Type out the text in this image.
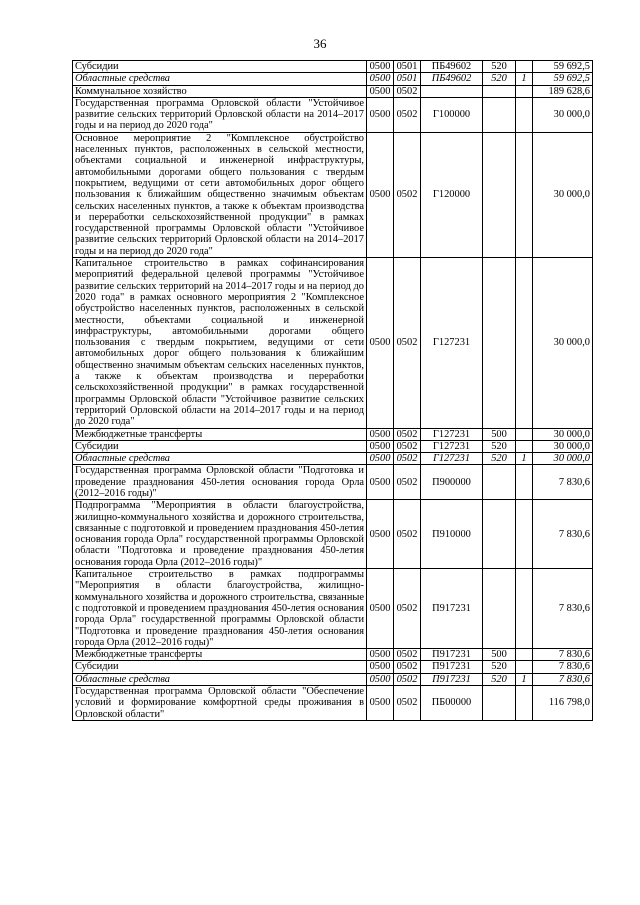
36
Субсидии	0500	0501	ПБ49602	520		59 692,5
Областные средства	0500	0501	ПБ49602	520	1	59 692,5
Коммунальное хозяйство	0500	0502				189 628,6
Государственная программа Орловской области "Устойчивое развитие сельских территорий Орловской области на 2014–2017 годы и на период до 2020 года"	0500	0502	Г100000			30 000,0
Основное мероприятие 2 "Комплексное обустройство населенных пунктов, расположенных в сельской местности, объектами социальной и инженерной инфраструктуры, автомобильными дорогами общего пользования с твердым покрытием, ведущими от сети автомобильных дорог общего пользования к ближайшим общественно значимым объектам сельских населенных пунктов, а также к объектам производства и переработки сельскохозяйственной продукции" в рамках государственной программы Орловской области "Устойчивое развитие сельских территорий Орловской области на 2014–2017 годы и на период до 2020 года"	0500	0502	Г120000			30 000,0
Капитальное строительство в рамках софинансирования мероприятий федеральной целевой программы "Устойчивое развитие сельских территорий на 2014–2017 годы и на период до 2020 года" в рамках основного мероприятия 2 "Комплексное обустройство населенных пунктов, расположенных в сельской местности, объектами социальной и инженерной инфраструктуры, автомобильными дорогами общего пользования с твердым покрытием, ведущими от сети автомобильных дорог общего пользования к ближайшим общественно значимым объектам сельских населенных пунктов, а также к объектам производства и переработки сельскохозяйственной продукции" в рамках государственной программы Орловской области "Устойчивое развитие сельских территорий Орловской области на 2014–2017 годы и на период до 2020 года"	0500	0502	Г127231			30 000,0
Межбюджетные трансферты	0500	0502	Г127231	500		30 000,0
Субсидии	0500	0502	Г127231	520		30 000,0
Областные средства	0500	0502	Г127231	520	1	30 000,0
Государственная программа Орловской области "Подготовка и проведение празднования 450-летия основания города Орла (2012–2016 годы)"	0500	0502	П900000			7 830,6
Подпрограмма "Мероприятия в области благоустройства, жилищно-коммунального хозяйства и дорожного строительства, связанные с подготовкой и проведением празднования 450-летия основания города Орла" государственной программы Орловской области "Подготовка и проведение празднования 450-летия основания города Орла (2012–2016 годы)"	0500	0502	П910000			7 830,6
Капитальное строительство в рамках подпрограммы "Мероприятия в области благоустройства, жилищно-коммунального хозяйства и дорожного строительства, связанные с подготовкой и проведением празднования 450-летия основания города Орла" государственной программы Орловской области "Подготовка и проведение празднования 450-летия основания города Орла (2012–2016 годы)"	0500	0502	П917231			7 830,6
Межбюджетные трансферты	0500	0502	П917231	500		7 830,6
Субсидии	0500	0502	П917231	520		7 830,6
Областные средства	0500	0502	П917231	520	1	7 830,6
Государственная программа Орловской области "Обеспечение условий и формирование комфортной среды проживания в Орловской области"	0500	0502	ПБ00000			116 798,0
